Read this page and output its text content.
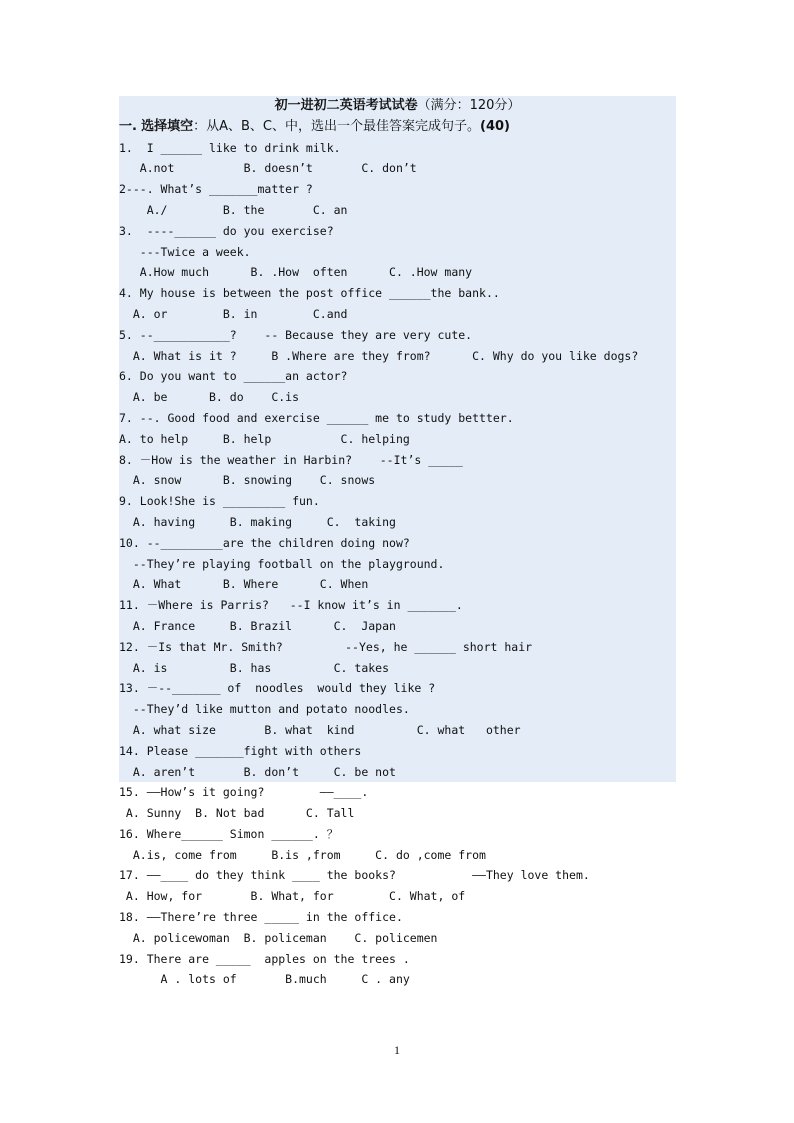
初一进初二英语考试试卷（满分：120分）
一. 选择填空：从A、B、C、中，选出一个最佳答案完成句子。(40)
1.  I ______ like to drink milk.
A.not          B. doesn’t       C. don’t
2---. What’s _______matter ?
A./        B. the       C. an
3.  ----______ do you exercise?
---Twice a week.
A.How much      B. .How  often      C. .How many
4. My house is between the post office ______the bank..
A. or        B. in        C.and
5. --___________?    -- Because they are very cute.
A. What is it ?     B .Where are they from?      C. Why do you like dogs?
6. Do you want to ______an actor?
A. be      B. do    C.is
7. --. Good food and exercise ______ me to study bettter.
A. to help     B. help          C. helping
8. －How is the weather in Harbin?    --It’s _____
A. snow      B. snowing    C. snows
9. Look!She is _________ fun.
A. having     B. making     C.  taking
10. --_________are the children doing now?
--They’re playing football on the playground.
A. What      B. Where      C. When
11. －Where is Parris?   --I know it’s in _______.
A. France     B. Brazil      C.  Japan
12. －Is that Mr. Smith?         --Yes, he ______ short hair
A. is         B. has         C. takes
13. －--_______ of  noodles  would they like ?
--They’d like mutton and potato noodles.
A. what size       B. what  kind         C. what   other
14. Please _______fight with others
A. aren’t       B. don’t     C. be not
15. ——How’s it going?        ——____.
A. Sunny  B. Not bad      C. Tall
16. Where______ Simon ______. ？
A.is, come from     B.is ,from     C. do ,come from
17. ——____ do they think ____ the books?           ——They love them.
A. How, for       B. What, for        C. What, of
18. ——There’re three _____ in the office.
A. policewoman  B. policeman    C. policemen
19. There are _____  apples on the trees .
A . lots of       B.much     C . any
1
